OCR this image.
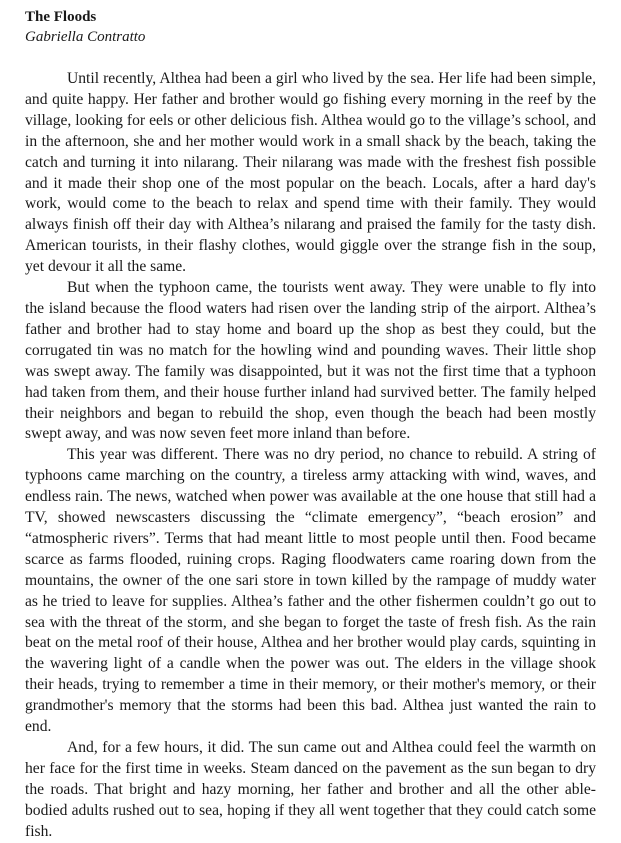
The Floods
Gabriella Contratto

Until recently, Althea had been a girl who lived by the sea. Her life had been simple, and quite happy. Her father and brother would go fishing every morning in the reef by the village, looking for eels or other delicious fish. Althea would go to the village’s school, and in the afternoon, she and her mother would work in a small shack by the beach, taking the catch and turning it into nilarang. Their nilarang was made with the freshest fish possible and it made their shop one of the most popular on the beach. Locals, after a hard day's work, would come to the beach to relax and spend time with their family. They would always finish off their day with Althea’s nilarang and praised the family for the tasty dish. American tourists, in their flashy clothes, would giggle over the strange fish in the soup, yet devour it all the same.

But when the typhoon came, the tourists went away. They were unable to fly into the island because the flood waters had risen over the landing strip of the airport. Althea’s father and brother had to stay home and board up the shop as best they could, but the corrugated tin was no match for the howling wind and pounding waves. Their little shop was swept away. The family was disappointed, but it was not the first time that a typhoon had taken from them, and their house further inland had survived better. The family helped their neighbors and began to rebuild the shop, even though the beach had been mostly swept away, and was now seven feet more inland than before.

This year was different. There was no dry period, no chance to rebuild. A string of typhoons came marching on the country, a tireless army attacking with wind, waves, and endless rain. The news, watched when power was available at the one house that still had a TV, showed newscasters discussing the “climate emergency”, “beach erosion” and “atmospheric rivers”. Terms that had meant little to most people until then. Food became scarce as farms flooded, ruining crops. Raging floodwaters came roaring down from the mountains, the owner of the one sari store in town killed by the rampage of muddy water as he tried to leave for supplies. Althea’s father and the other fishermen couldn’t go out to sea with the threat of the storm, and she began to forget the taste of fresh fish. As the rain beat on the metal roof of their house, Althea and her brother would play cards, squinting in the wavering light of a candle when the power was out. The elders in the village shook their heads, trying to remember a time in their memory, or their mother's memory, or their grandmother's memory that the storms had been this bad. Althea just wanted the rain to end.

And, for a few hours, it did. The sun came out and Althea could feel the warmth on her face for the first time in weeks. Steam danced on the pavement as the sun began to dry the roads. That bright and hazy morning, her father and brother and all the other able-bodied adults rushed out to sea, hoping if they all went together that they could catch some fish.
